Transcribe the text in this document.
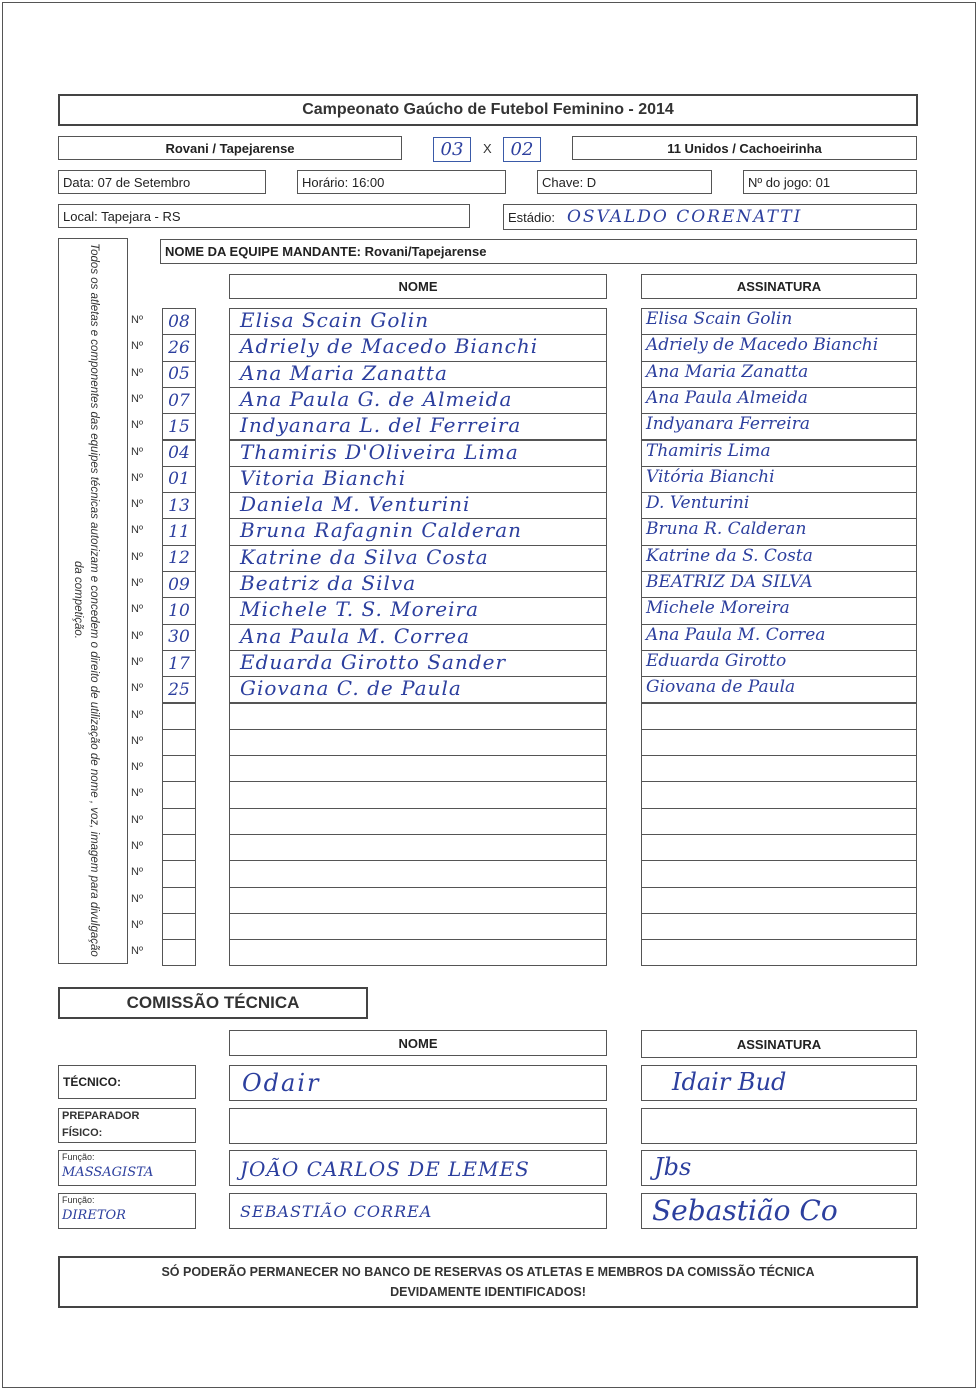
Campeonato Gaúcho de Futebol Feminino - 2014
Rovani / Tapejarense	03 X 02	11 Unidos / Cachoeirinha
Data: 07 de Setembro	Horário: 16:00	Chave: D	Nº do jogo: 01
Local: Tapejara - RS	Estádio: OSVALDO CORENATTI
Todos os atletas e componentes das equipes técnicas autorizam e concedem o direito de utilização de nome , voz, imagem para divulgação da competição.
NOME DA EQUIPE MANDANTE: Rovani/Tapejarense
NOME	ASSINATURA
Nº 08	Elisa Scain Golin	Elisa Scain Golin
Nº 26	Adriely de Macedo Bianchi	Adriely de Macedo Bianchi
Nº 05	Ana Maria Zanatta	Ana Maria Zanatta
Nº 07	Ana Paula G. de Almeida	Ana Paula Almeida
Nº 15	Indyanara L. del Ferreira	Indyanara Ferreira
Nº 04	Thamiris D'Oliveira Lima	Thamiris Lima
Nº 01	Vitoria Bianchi	Vitória Bianchi
Nº 13	Daniela M. Venturini	D. Venturini
Nº 11	Bruna Rafagnin Calderan	Bruna R. Calderan
Nº 12	Katrine da Silva Costa	Katrine da S. Costa
Nº 09	Beatriz da Silva	BEATRIZ DA SILVA
Nº 10	Michele T. S. Moreira	Michele Moreira
Nº 30	Ana Paula M. Correa	Ana Paula M. Correa
Nº 17	Eduarda Girotto Sander	Eduarda Girotto
Nº 25	Giovana C. de Paula	Giovana de Paula
Nº
Nº
Nº
Nº
Nº
Nº
Nº
Nº
Nº
Nº
COMISSÃO TÉCNICA
NOME	ASSINATURA
TÉCNICO:	Odair	Idair Bud
PREPARADOR
FÍSICO:
Função:
MASSAGISTA	JOÃO CARLOS DE LEMES	Jbs
Função:
DIRETOR	SEBASTIÃO CORREA	Sebastião Co
SÓ PODERÃO PERMANECER NO BANCO DE RESERVAS OS ATLETAS E MEMBROS DA COMISSÃO TÉCNICA
DEVIDAMENTE IDENTIFICADOS!
